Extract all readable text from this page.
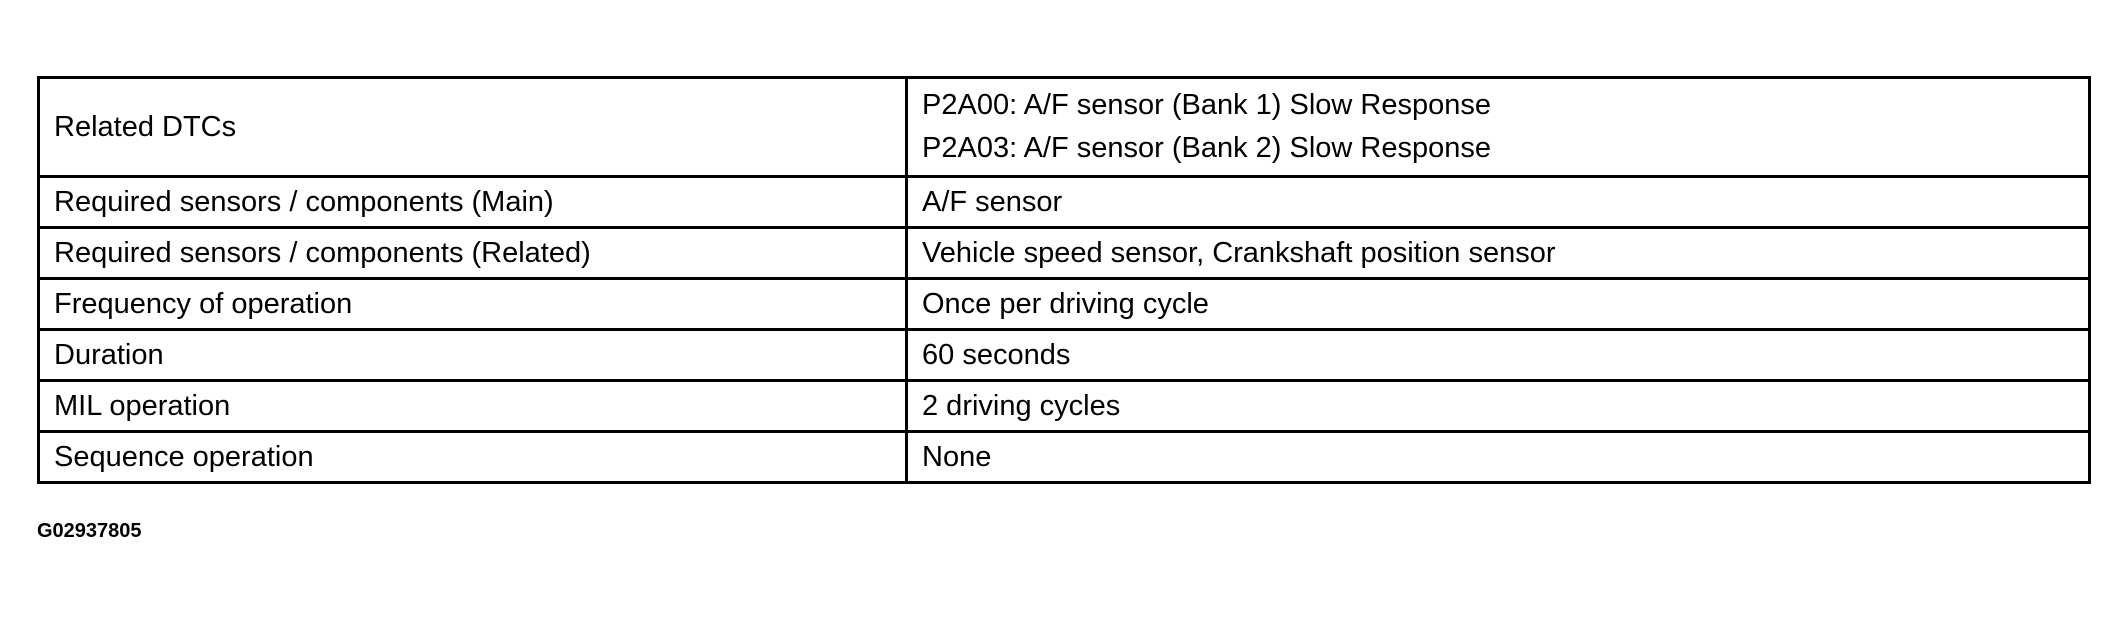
Related DTCs	P2A00: A/F sensor (Bank 1) Slow Response
P2A03: A/F sensor (Bank 2) Slow Response

Required sensors / components (Main)	A/F sensor
Required sensors / components (Related)	Vehicle speed sensor, Crankshaft position sensor
Frequency of operation	Once per driving cycle
Duration	60 seconds
MIL operation	2 driving cycles
Sequence operation	None
G02937805
